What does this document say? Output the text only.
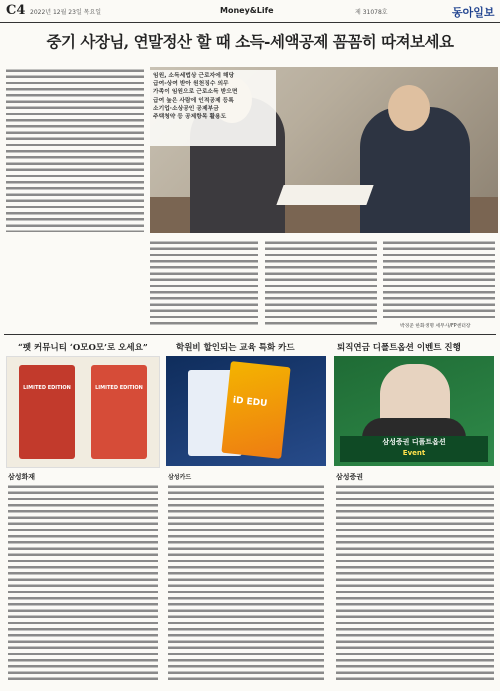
C4 2022년 12월 23일 목요일	Money&Life	제 31078호	동아일보
중기 사장님, 연말정산 할 때 소득-세액공제 꼼꼼히 따져보세요
임원, 소득세법상 근로자에 해당
급여-상여 받아 원천징수 의무
가족이 임원으로 근로소득 받으면
급여 높은 사람에 인적공제 등록
소기업·소상공인 공제부금
주택청약 등 공제항목 활용도
박경준 한화생명 세무사/FP센터장
“펫 커뮤니티 ‘O모O모’로 오세요”
LIMITED EDITION	LIMITED EDITION
삼성화재
학원비 할인되는 교육 특화 카드
iD EDU
삼성카드
퇴직연금 디폴트옵션 이벤트 진행
삼성증권 디폴트옵션
Event
삼성증권
